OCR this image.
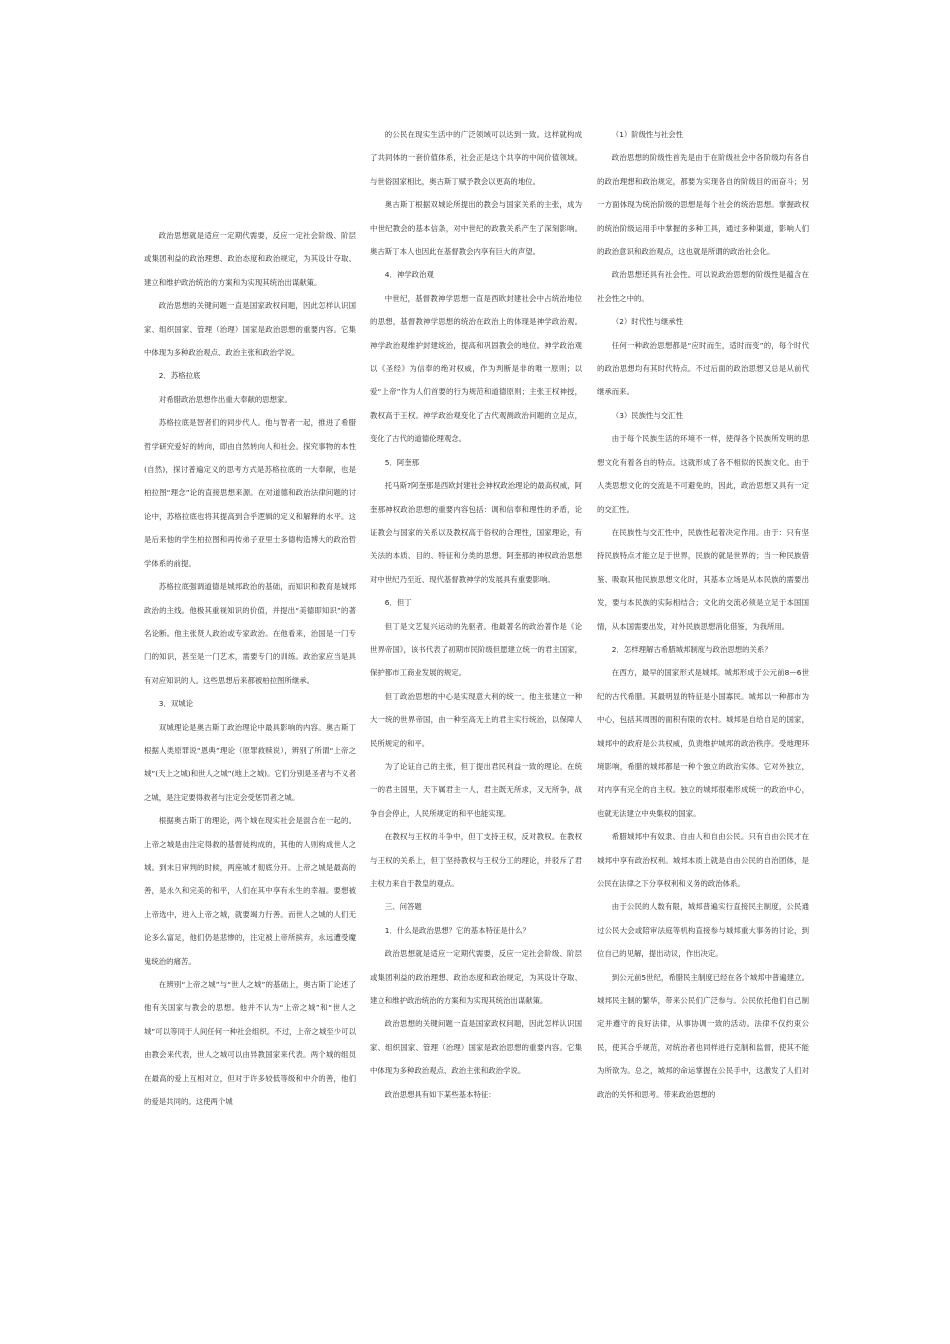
政治思想就是适应一定期代需要，反应一定社会阶级、阶层或集团利益的政治理想、政治态度和政治规定，为其设计夺取、建立和维护政治统治的方案和为实现其统治出谋献策。

政治思想的关键问题一直是国家政权问题，因此怎样认识国家、组织国家、管理（治理）国家是政治思想的重要内容。它集中体现为多种政治观点、政治主张和政治学说。

2．苏格拉底

对希腊政治思想作出重大奉献的思想家。

苏格拉底是智者们的同步代人。他与智者一起，推进了希腊哲学研究爱好的转向，即由自然转向人和社会。探究事物的本性(自然)，探讨普遍定义的思考方式是苏格拉底的一大奉献，也是柏拉图“理念”论的直接思想来源。在对道德和政治法律问题的讨论中，苏格拉底也将其提高到合乎逻辑的定义和解释的水平。这是后来他的学生柏拉图和再传弟子亚里士多德构造博大的政治哲学体系的前提。

苏格拉底强调道德是城邦政治的基础，而知识和教育是城邦政治的主线。他极其重视知识的价值，并提出“美德即知识”的著名论断。他主张贤人政治或专家政治。在他看来，治国是一门专门的知识，甚至是一门艺术，需要专门的训练。政治家应当是具有对应知识的人。这些思想后来都被柏拉图所继承。

3．双城论

双城理论是奥古斯丁政治理论中最具影响的内容。奥古斯丁根据人类原罪说“恩典”理论（原罪救赎说），辨别了所谓“上帝之城”(天上之城)和世人之城”(地上之城)。它们分别是圣者与不义者之城，是注定要得救者与注定会受惩罚者之城。

根据奥古斯丁的理论，两个城在现实社会是混合在一起的。上帝之城是由注定得救的基督徒构成的，其他的人则构成世人之城。到末日审判的时候，两座城才彻底分开。上帝之城是最高的善，是永久和完美的和平，人们在其中享有永生的幸福。要想被上帝选中，进入上帝之城，就要竭力行善。而世人之城的人们无论多么富足，他们仍是悲惨的，注定被上帝所摈弃，永远遭受魔鬼统治的痛苦。

在辨别“上帝之城”与“世人之城”的基础上，奥古斯丁论述了他有关国家与教会的思想。他并不认为“上帝之城”和“世人之城”可以等同于人间任何一种社会组织。不过，上帝之城至少可以由教会来代表，世人之城可以由异教国家来代表。两个城的组员在最高的爱上互相对立，但对于许多较低等级和中介的善，他们的爱是共同的。这使两个城

的公民在现实生活中的广泛领域可以达到一致。这样就构成了共同体的一套价值体系，社会正是这个共享的中间价值领域。与世俗国家相比，奥古斯丁赋予教会以更高的地位。

奥古斯丁根据双城论所提出的教会与国家关系的主张，成为中世纪教会的基本信条，对中世纪的政教关系产生了深刻影响。奥古斯丁本人也因此在基督教会内享有巨大的声望。

4．神学政治观

中世纪，基督教神学思想一直是西欧封建社会中占统治地位的思想，基督教神学思想的统治在政治上的体现是神学政治观。神学政治观维护封建统治，提高和巩固教会的地位。神学政治观以《圣经》为信奉的绝对权威，作为判断是非的唯一原则；以爱“上帝”作为人们首要的行为规范和道德原则；主张王权神授，教权高于王权。神学政治观变化了古代观测政治问题的立足点，变化了古代的道德伦理观念。

5．阿奎那

托马斯?阿奎那是西欧封建社会神权政治理论的最高权威，阿奎那神权政治思想的重要内容包括：调和信奉和理性的矛盾，论证教会与国家的关系以及教权高于俗权的合理性，国家理论，有关法的本质、目的、特征和分类的思想。阿奎那的神权政治思想对中世纪乃至近、现代基督教神学的发展具有重要影响。

6．但丁

但丁是文艺复兴运动的先驱者。他最著名的政治著作是《论世界帝国》，该书代表了初期市民阶级但愿建立统一的君主国家，保护都市工商业发展的规定。

但丁政治思想的中心是实现意大利的统一。他主张建立一种大一统的世界帝国，由一种至高无上的君主实行统治，以保障人民所规定的和平。

为了论证自己的主张，但丁提出君民利益一致的理论。在统一的君主国里，天下属君主一人，君主既无所求，又无所争，战争自会停止，人民所规定的和平也能实现。

在教权与王权的斗争中，但丁支持王权，反对教权。在教权与王权的关系上，但丁坚持教权与王权分工的理论，并驳斥了君主权力来自于教皇的观点。

三、问答题

1．什么是政治思想？它的基本特征是什么？

政治思想就是适应一定期代需要，反应一定社会阶级、阶层或集团利益的政治理想、政治态度和政治规定，为其设计夺取、建立和维护政治统治的方案和为实现其统治出谋献策。

政治思想的关键问题一直是国家政权问题，因此怎样认识国家、组织国家、管理（治理）国家是政治思想的重要内容。它集中体现为多种政治观点、政治主张和政治学说。

政治思想具有如下某些基本特征：

（1）阶级性与社会性

政治思想的阶级性首先是由于在阶级社会中各阶级均有各自的政治理想和政治规定，都要为实现各自的阶级目的而奋斗；另一方面体现为统治阶级的思想是每个社会的统治思想。掌握政权的统治阶级运用手中掌握的多种工具，通过多种渠道，影响人们的政治意识和政治观点，这也就是所谓的政治社会化。

政治思想还具有社会性。可以说政治思想的阶级性是蕴含在社会性之中的。

（2）时代性与继承性

任何一种政治思想都是“应时而生，适时而变”的，每个时代的政治思想均有其时代特点。不过后面的政治思想又总是从前代继承而来。

（3）民族性与交汇性

由于每个民族生活的环境不一样，使得各个民族所发明的思想文化有着各自的特点。这就形成了各不相似的民族文化。由于人类思想文化的交流是不可避免的，因此，政治思想又具有一定的交汇性。

在民族性与交汇性中，民族性起着决定作用。由于：只有坚持民族特点才能立足于世界，民族的就是世界的；当一种民族借鉴、吸取其他民族思想文化时，其基本立场是从本民族的需要出发，要与本民族的实际相结合；文化的交流必须是立足于本国国情，从本国需要出发，对外民族思想消化借鉴，为我所用。

2．怎样理解古希腊城邦制度与政治思想的关系？

在西方，最早的国家形式是城邦。城邦形成于公元前8—6世纪的古代希腊。其最明显的特征是小国寡民。城邦以一种都市为中心，包括其周围的面积有限的农村。城邦是自给自足的国家，城邦中的政府是公共权威，负责维护城邦的政治秩序。受地理环境影响，希腊的城邦都是一种个独立的政治实体。它对外独立，对内享有完全的自主权。独立的城邦很难形成统一的政治中心，也就无法建立中央集权的国家。

希腊城邦中有奴隶、自由人和自由公民。只有自由公民才在城邦中享有政治权利。城邦本质上就是自由公民的自治团体，是公民在法律之下分享权利和义务的政治体系。

由于公民的人数有限，城邦普遍实行直接民主制度，公民通过公民大会或陪审法庭等机构直接参与城邦重大事务的讨论，到位自己的见解，提出动议，作出决定。

到公元前5世纪，希腊民主制度已经在各个城邦中普遍建立。城邦民主制的繁华，带来公民们广泛参与。公民依托他们自己制定并遵守的良好法律，从事协调一致的活动。法律不仅约束公民，使其合乎规范，对统治者也同样进行克制和监督，使其不能为所欲为。总之，城邦的命运掌握在公民手中，这激发了人们对政治的关怀和思考。带来政治思想的
